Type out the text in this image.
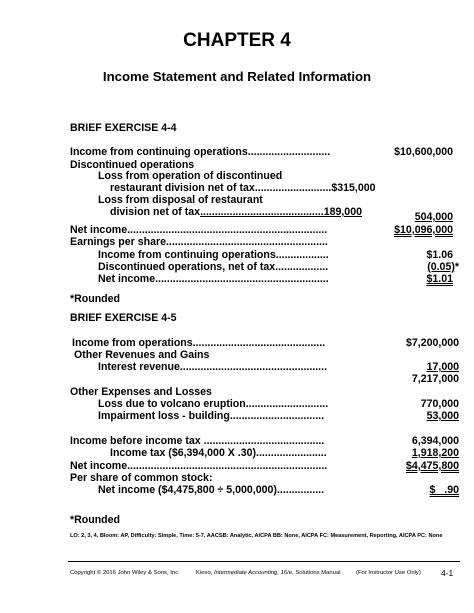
CHAPTER 4
Income Statement and Related Information
BRIEF EXERCISE 4-4
Income from continuing operations............................	$10,600,000
Discontinued operations
Loss from operation of discontinued
restaurant division net of tax..........................$315,000
Loss from disposal of restaurant
division net of tax..........................................189,000	504,000
Net income....................................................................	$10,096,000
Earnings per share.......................................................
Income from continuing operations..................	$1.06
Discontinued operations, net of tax..................	(0.05)*
Net income...........................................................	$1.01
*Rounded
BRIEF EXERCISE 4-5
Income from operations.............................................	$7,200,000
Other Revenues and Gains
Interest revenue..................................................	17,000
7,217,000
Other Expenses and Losses
Loss due to volcano eruption............................	770,000
Impairment loss - building................................	53,000
Income before income tax .........................................	6,394,000
Income tax ($6,394,000 X .30)........................	1,918,200
Net income....................................................................	$4,475,800
Per share of common stock:
Net income ($4,475,800 ÷ 5,000,000)................	$   .90
*Rounded
LO: 2, 3, 4, Bloom: AP, Difficulty: Simple, Time: 5-7, AACSB: Analytic, AICPA BB: None, AICPA FC: Measurement, Reporting, AICPA PC: None
Copyright © 2016 John Wiley & Sons, Inc.	Kieso, Intermediate Accounting, 16/e, Solutions Manual	(For Instructor Use Only) 4-1
